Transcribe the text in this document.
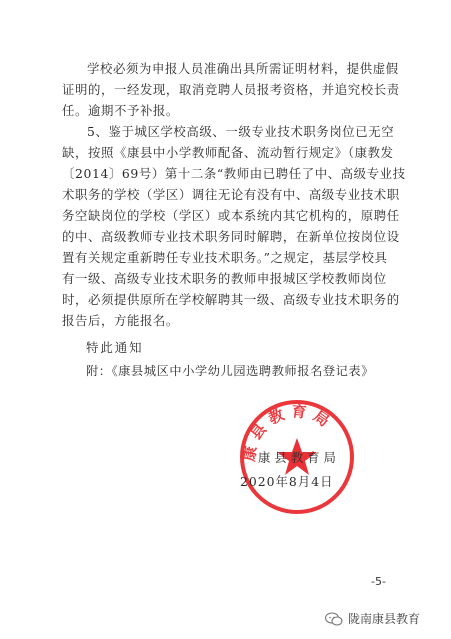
学校必须为申报人员准确出具所需证明材料，提供虚假
证明的，一经发现，取消竞聘人员报考资格，并追究校长责
任。逾期不予补报。

5、鉴于城区学校高级、一级专业技术职务岗位已无空
缺，按照《康县中小学教师配备、流动暂行规定》（康教发
〔2014〕69号）第十二条“教师由已聘任了中、高级专业技
术职务的学校（学区）调往无论有没有中、高级专业技术职
务空缺岗位的学校（学区）或本系统内其它机构的，原聘任
的中、高级教师专业技术职务同时解聘，在新单位按岗位设
置有关规定重新聘任专业技术职务。”之规定，基层学校具
有一级、高级专业技术职务的教师申报城区学校教师岗位
时，必须提供原所在学校解聘其一级、高级专业技术职务的
报告后，方能报名。

特此通知
附：《康县城区中小学幼儿园选聘教师报名登记表》
康县教育局
康县教育局
2020年8月4日
-5-
陇南康县教育
